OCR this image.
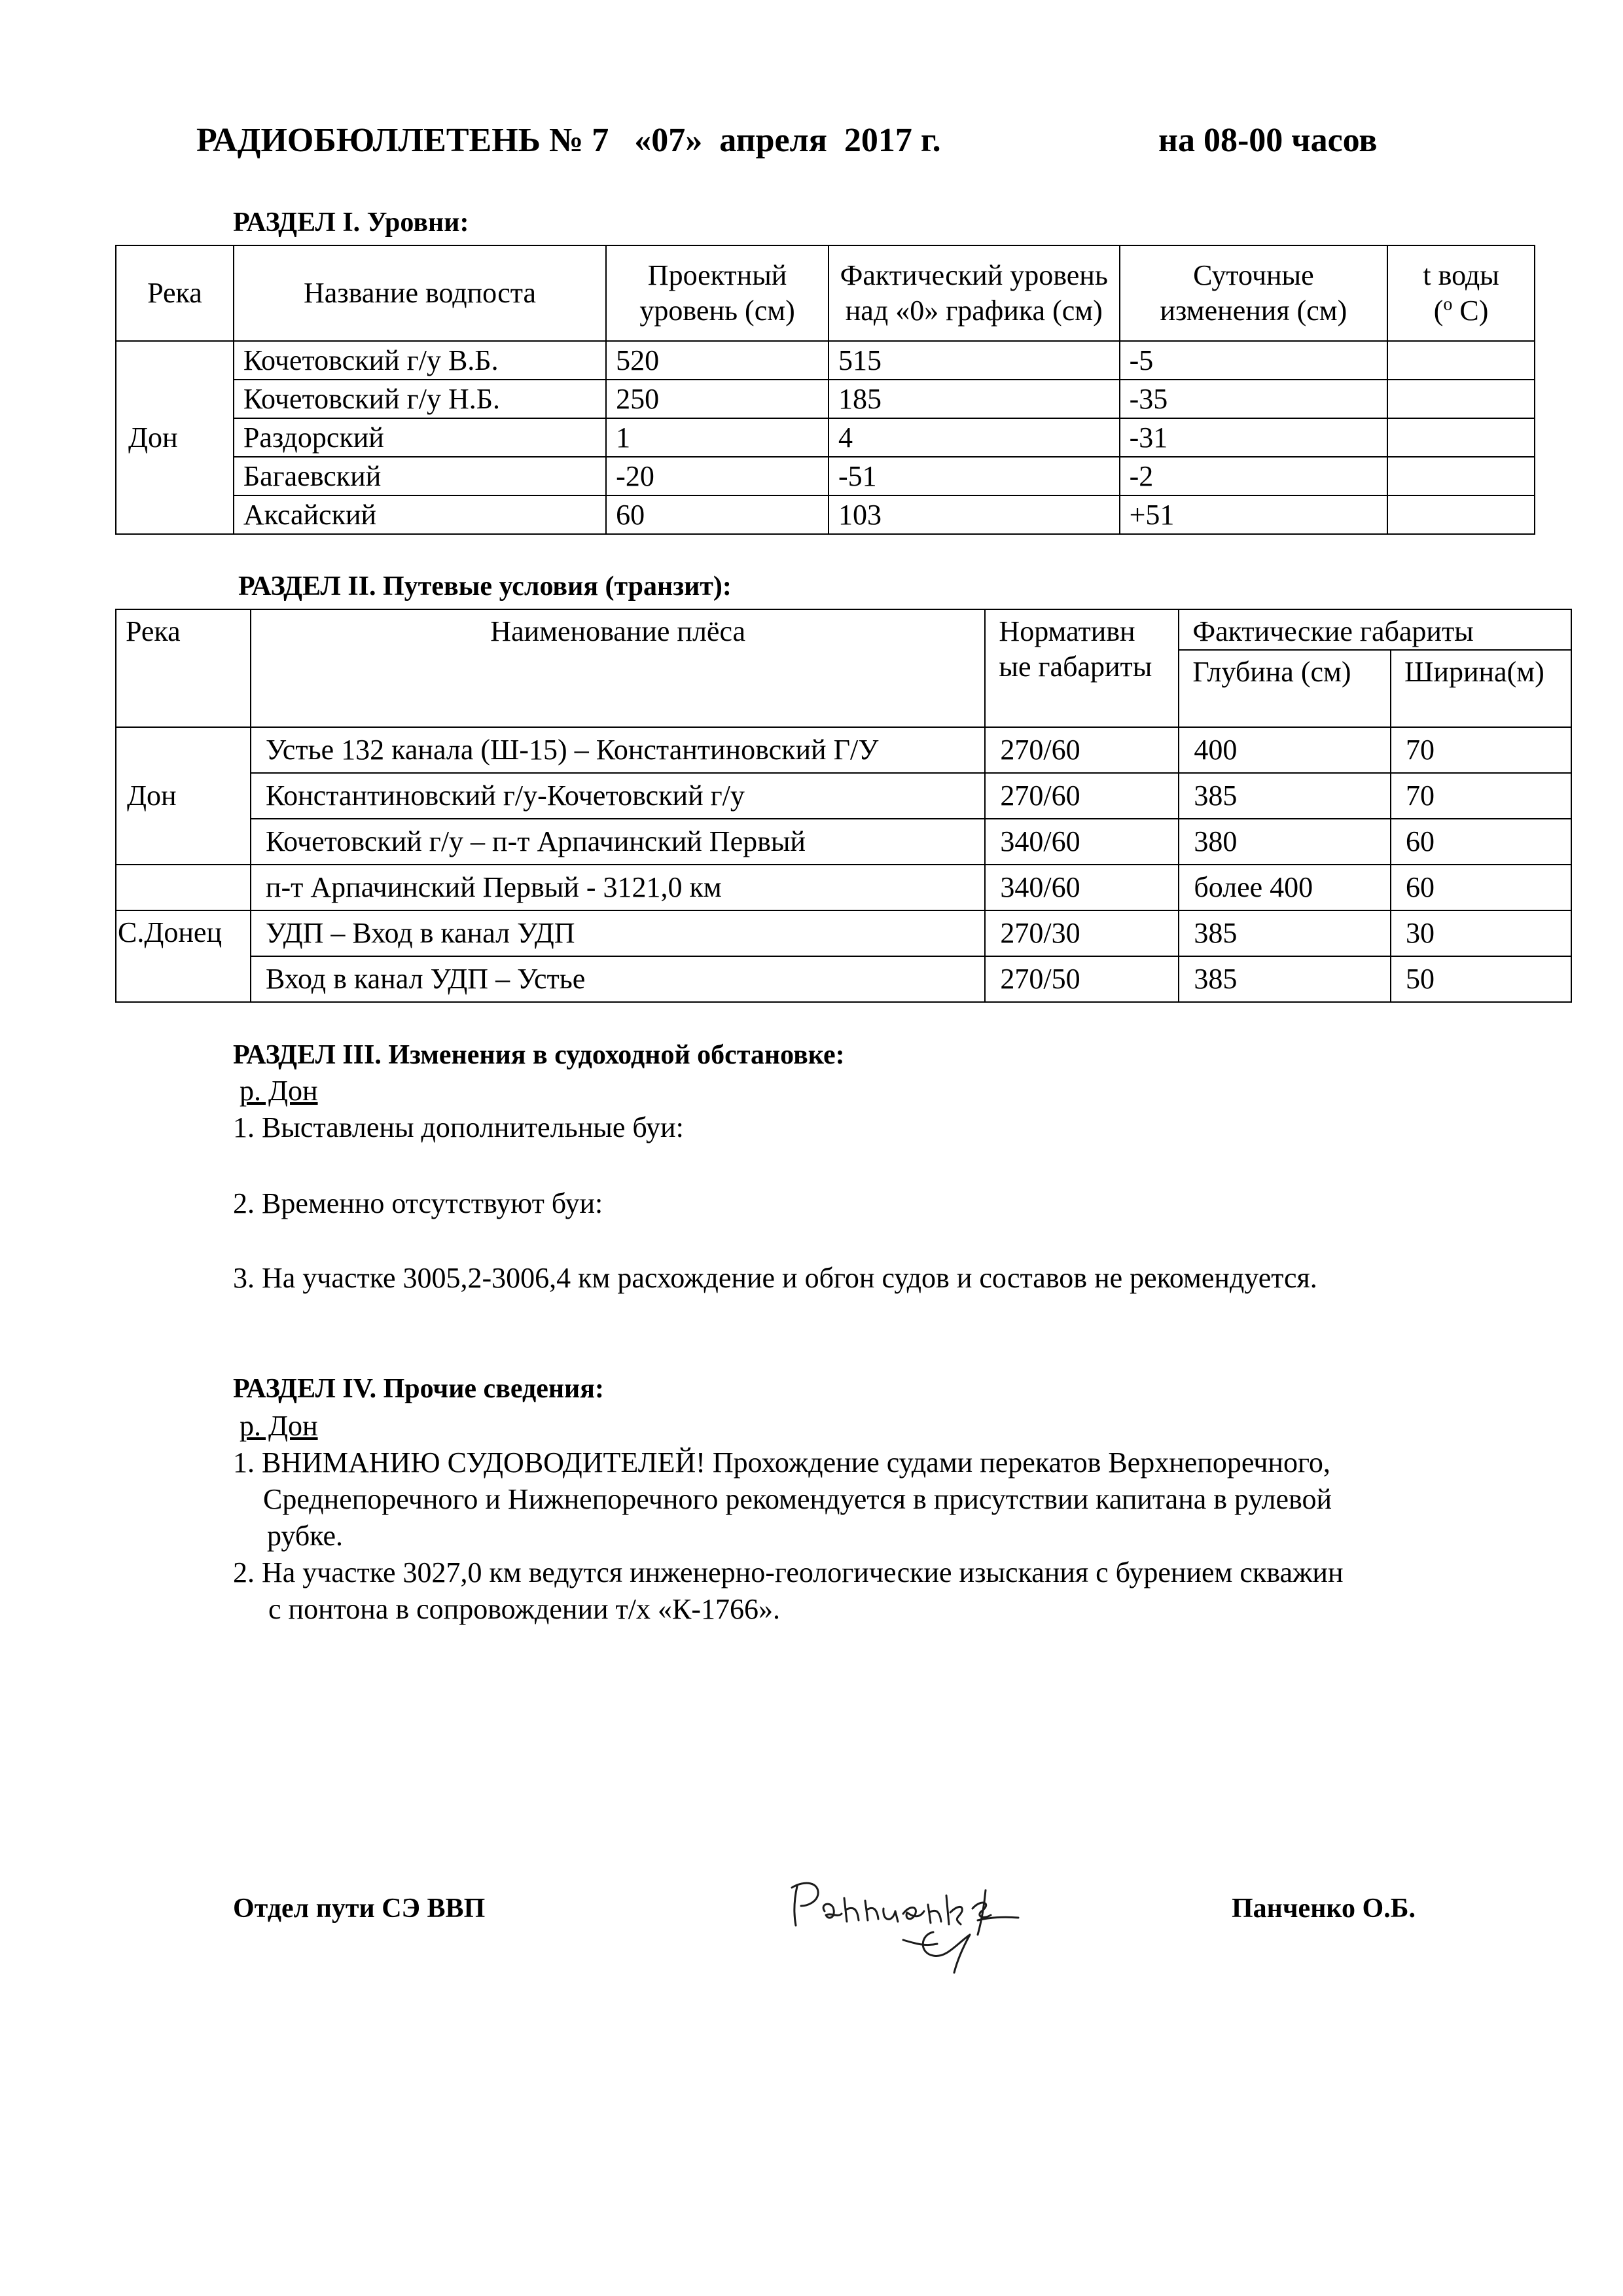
РАДИОБЮЛЛЕТЕНЬ № 7   «07»  апреля  2017 г.	на 08-00 часов
РАЗДЕЛ I. Уровни:
Река	Название водпоста	Проектный уровень (см)	Фактический уровень над «0» графика (см)	Суточные изменения (см)	t воды
($^o$ C)
Дон	Кочетовский г/у В.Б.	520	515	-5	
	Кочетовский г/у Н.Б.	250	185	-35	
	Раздорский	1	4	-31	
	Багаевский	-20	-51	-2	
	Аксайский	60	103	+51	
РАЗДЕЛ II. Путевые условия (транзит):
Река	Наименование плёса	Нормативн ые габариты	Фактические габариты	
			Глубина (см)	Ширина(м)
Дон	Устье 132 канала (Ш-15) – Константиновский Г/У	270/60	400	70
	Константиновский г/у-Кочетовский г/у	270/60	385	70
	Кочетовский г/у – п-т Арпачинский Первый	340/60	380	60
	п-т Арпачинский Первый - 3121,0 км	340/60	более 400	60
С.Донец	УДП – Вход в канал УДП	270/30	385	30
	Вход в канал УДП – Устье	270/50	385	50
РАЗДЕЛ III. Изменения в судоходной обстановке:
р. Дон
1. Выставлены дополнительные буи:
2. Временно отсутствуют буи:
3. На участке 3005,2-3006,4 км расхождение и обгон судов и составов не рекомендуется.
РАЗДЕЛ IV. Прочие сведения:
р. Дон
1. ВНИМАНИЮ СУДОВОДИТЕЛЕЙ! Прохождение судами перекатов Верхнепоречного,
Среднепоречного и Нижнепоречного рекомендуется в присутствии капитана в рулевой
рубке.
2. На участке 3027,0 км ведутся инженерно-геологические изыскания с бурением скважин
с понтона в сопровождении т/х «К-1766».
Отдел пути СЭ ВВП	Панченко О.Б.
